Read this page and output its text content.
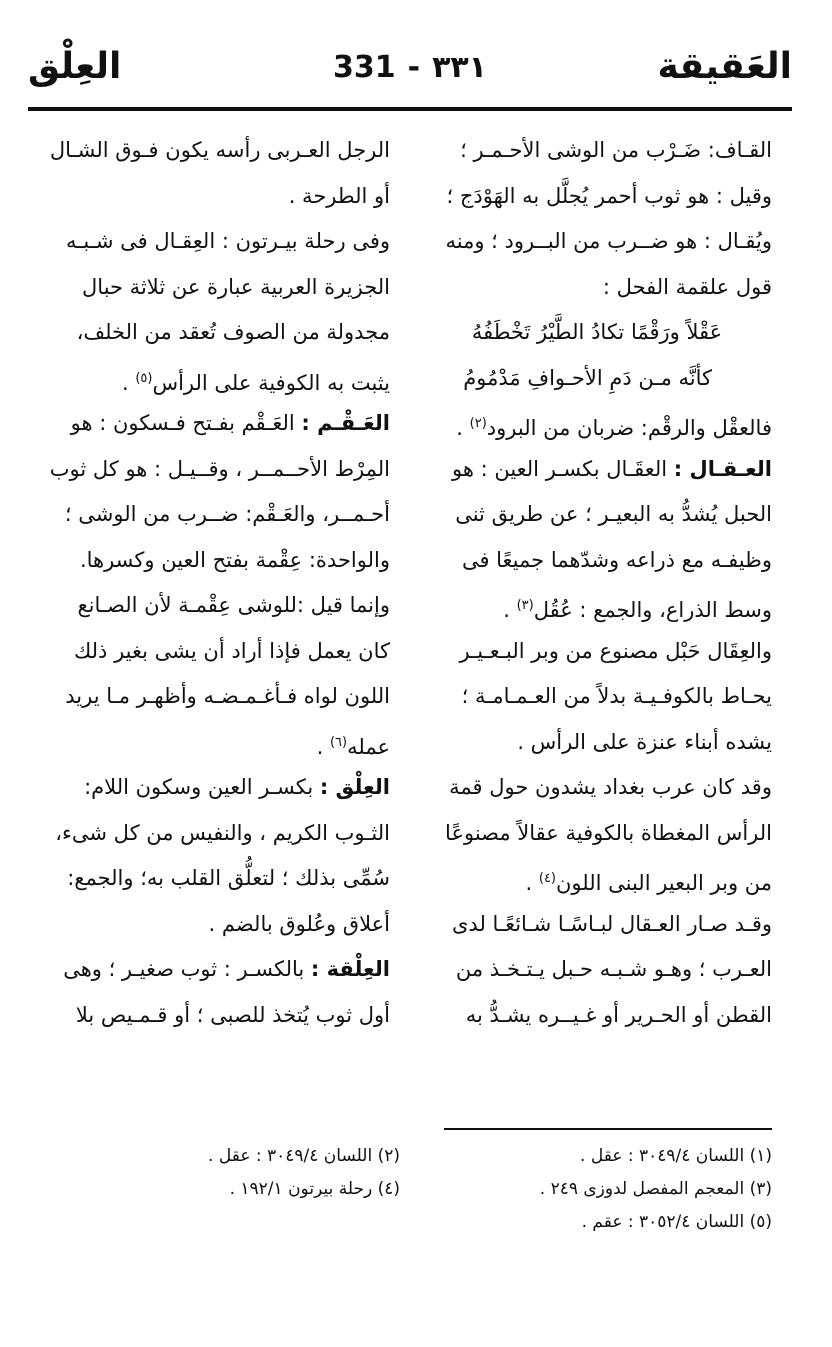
العَقيقة
331 - ٣٣١
العِلْق
القـاف: ضَـرْب من الوشى الأحـمـر ؛
وقيل : هو ثوب أحمر يُجلَّل به الهَوْدَج ؛
ويُقـال : هو ضــرب من البــرود ؛ ومنه
قول علقمة الفحل :
عَقْلاً ورَقْمًا تكادُ الطَّيْرُ تَخْطَفُهُ
كأنَّه مـن دَمِ الأحـوافِ مَدْمُومُ
فالعقْل والرقْم: ضربان من البرود$^{(٢)}$ .
العـقـال : العقَـال بكسـر العين : هو
الحبل يُشدُّ به البعيـر ؛ عن طريق ثنى
وظيفـه مع ذراعه وشدّهما جميعًا فى
وسط الذراع، والجمع : عُقُل$^{(٣)}$ .
والعِقَال حَبْل مصنوع من وبر البـعـيـر
يحـاط بالكوفـيـة بدلاً من العـمـامـة ؛
يشده أبناء عنزة على الرأس .
وقد كان عرب بغداد يشدون حول قمة
الرأس المغطاة بالكوفية عقالاً مصنوعًا
من وبر البعير البنى اللون$^{(٤)}$ .
وقـد صـار العـقال لبـاسًـا شـائعًـا لدى
العـرب ؛ وهـو شـبـه حـبل يـتـخـذ من
القطن أو الحـرير أو غـيــره يشـدُّ به
الرجل العـربى رأسه يكون فـوق الشـال
أو الطرحة .
وفى رحلة بيـرتون : العِقـال فى شـبـه
الجزيرة العربية عبارة عن ثلاثة حبال
مجدولة من الصوف تُعقد من الخلف،
يثبت به الكوفية على الرأس$^{(٥)}$ .
العَـقْـم : العَـقْم بفـتح فـسكون : هو
المِرْط الأحــمــر ، وقــيـل : هو كل ثوب
أحـمــر، والعَـقْم: ضــرب من الوشى ؛
والواحدة: عِقْمة بفتح العين وكسرها.
وإنما قيل :للوشى عِقْمـة لأن الصـانع
كان يعمل فإذا أراد أن يشى بغير ذلك
اللون لواه فـأغـمـضـه وأظهـر مـا يريد
عمله$^{(٦)}$ .
العِلْق : بكسـر العين وسكون اللام:
الثـوب الكريم ، والنفيس من كل شىء،
سُمِّى بذلك ؛ لتعلُّق القلب به؛ والجمع:
أعلاق وعُلوق بالضم .
العِلْقة : بالكسـر : ثوب صغيـر ؛ وهى
أول ثوب يُتخذ للصبى ؛ أو قـمـيص بلا
(١) اللسان ٣٠٤٩/٤ : عقل .
(٣) المعجم المفصل لدوزى ٢٤٩ .
(٥) اللسان ٣٠٥٢/٤ : عقم .
(٢) اللسان ٣٠٤٩/٤ : عقل .
(٤) رحلة بيرتون ١٩٢/١ .
